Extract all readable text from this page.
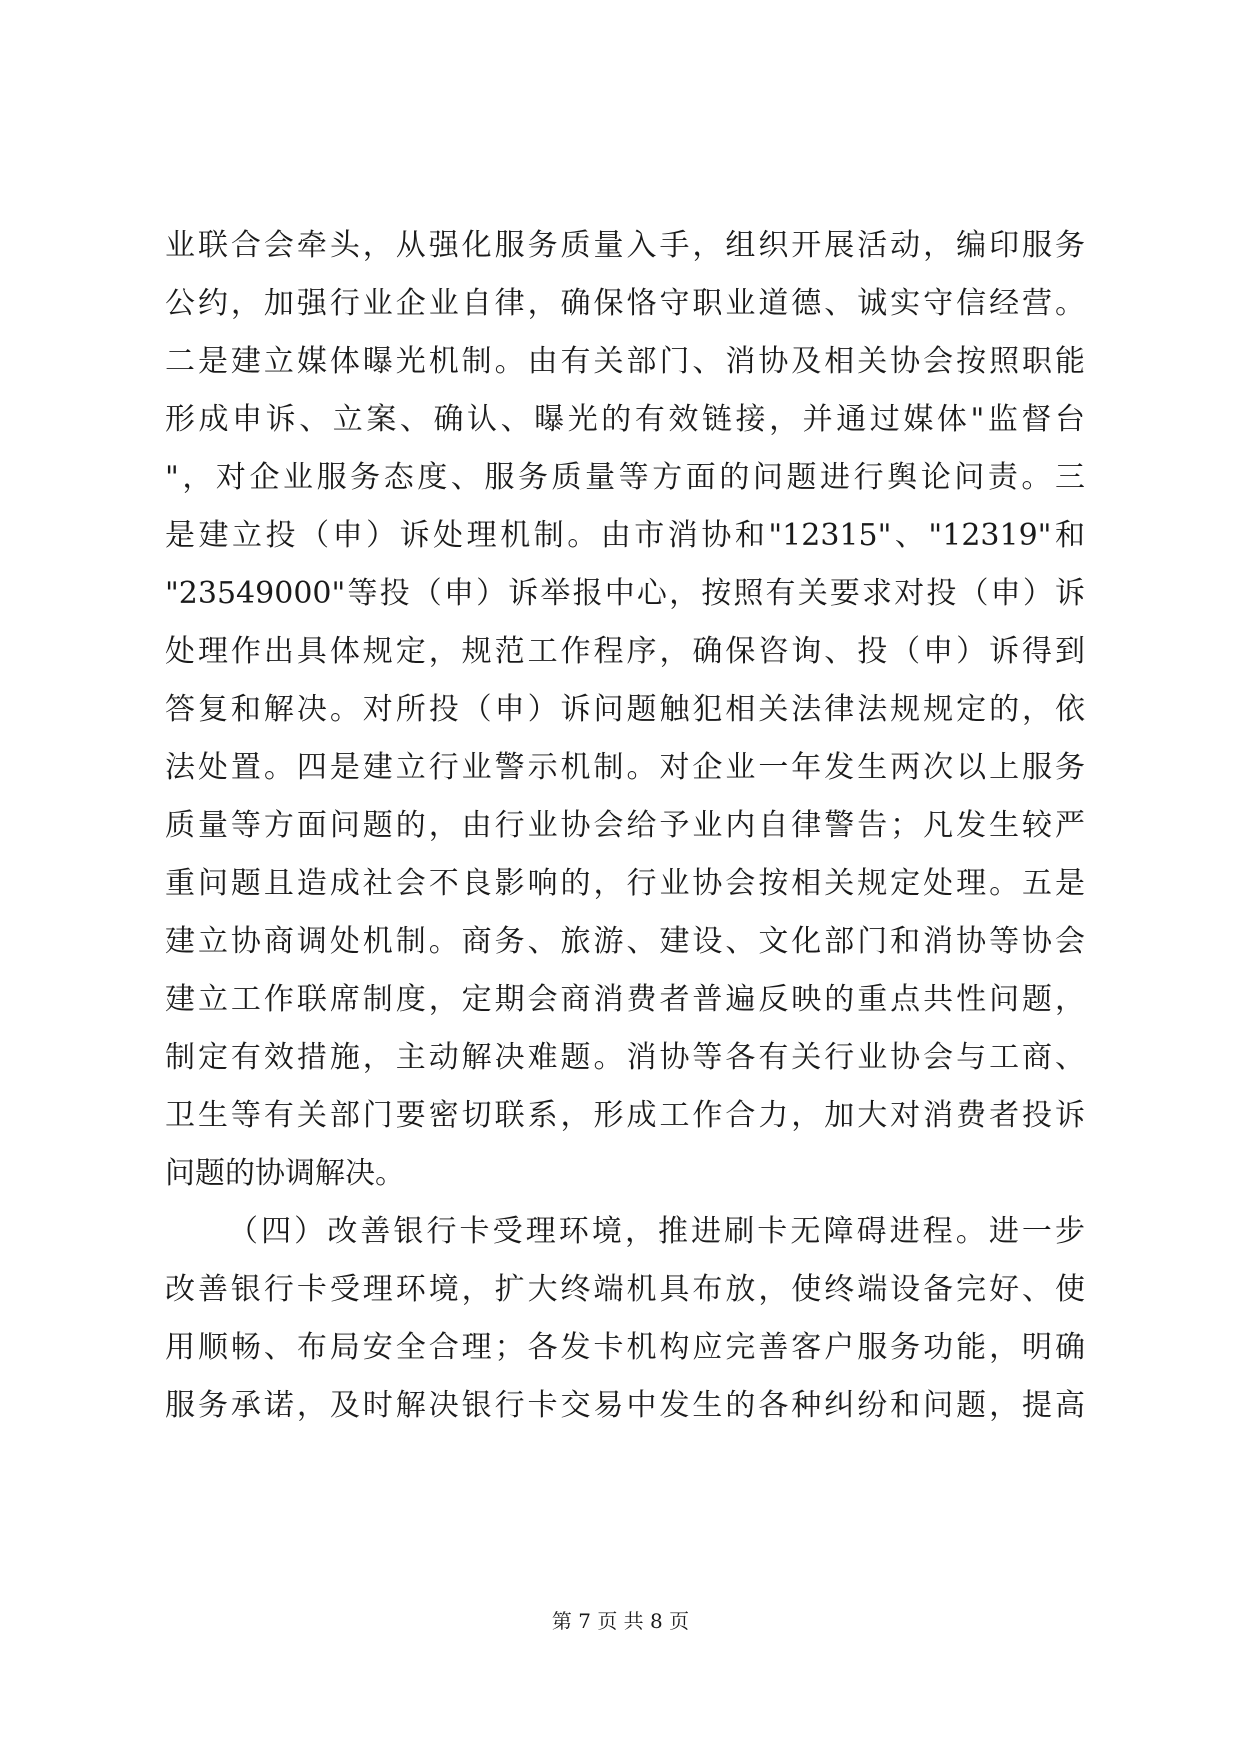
业联合会牵头，从强化服务质量入手，组织开展活动，编印服务
公约，加强行业企业自律，确保恪守职业道德、诚实守信经营。
二是建立媒体曝光机制。由有关部门、消协及相关协会按照职能
形成申诉、立案、确认、曝光的有效链接，并通过媒体"监督台
"，对企业服务态度、服务质量等方面的问题进行舆论问责。三
是建立投（申）诉处理机制。由市消协和"12315"、"12319"和
"23549000"等投（申）诉举报中心，按照有关要求对投（申）诉
处理作出具体规定，规范工作程序，确保咨询、投（申）诉得到
答复和解决。对所投（申）诉问题触犯相关法律法规规定的，依
法处置。四是建立行业警示机制。对企业一年发生两次以上服务
质量等方面问题的，由行业协会给予业内自律警告；凡发生较严
重问题且造成社会不良影响的，行业协会按相关规定处理。五是
建立协商调处机制。商务、旅游、建设、文化部门和消协等协会
建立工作联席制度，定期会商消费者普遍反映的重点共性问题，
制定有效措施，主动解决难题。消协等各有关行业协会与工商、
卫生等有关部门要密切联系，形成工作合力，加大对消费者投诉
问题的协调解决。
（四）改善银行卡受理环境，推进刷卡无障碍进程。进一步
改善银行卡受理环境，扩大终端机具布放，使终端设备完好、使
用顺畅、布局安全合理；各发卡机构应完善客户服务功能，明确
服务承诺，及时解决银行卡交易中发生的各种纠纷和问题，提高
第 7 页 共 8 页
